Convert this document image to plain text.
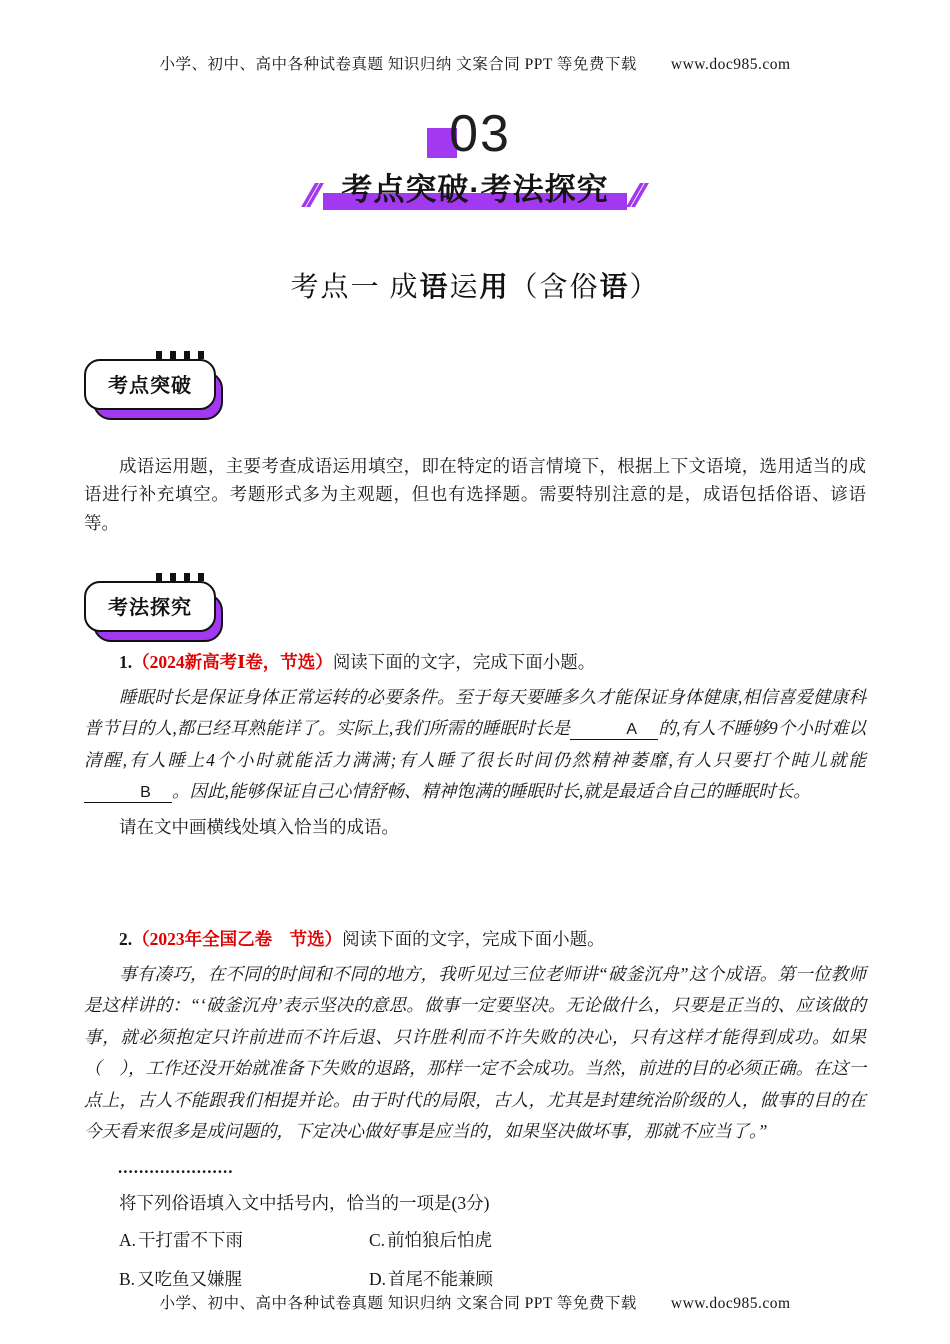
小学、初中、高中各种试卷真题 知识归纳 文案合同 PPT 等免费下载 www.doc985.com
03
考点突破·考法探究
考点一 成语运用（含俗语）
考点突破

成语运用题，主要考查成语运用填空，即在特定的语言情境下，根据上下文语境，选用适当的成语进行补充填空。考题形式多为主观题，但也有选择题。需要特别注意的是，成语包括俗语、谚语等。

考法探究

1.（2024新高考Ⅰ卷，节选）阅读下面的文字，完成下面小题。

睡眠时长是保证身体正常运转的必要条件。至于每天要睡多久才能保证身体健康,相信喜爱健康科普节目的人,都已经耳熟能详了。实际上,我们所需的睡眠时长是	A 的,有人不睡够9个小时难以清醒,有人睡上4个小时就能活力满满;有人睡了很长时间仍然精神萎靡,有人只要打个盹儿就能B 。因此,能够保证自己心情舒畅、精神饱满的睡眠时长,就是最适合自己的睡眠时长。

请在文中画横线处填入恰当的成语。

2.（2023年全国乙卷　节选）阅读下面的文字，完成下面小题。

事有凑巧，在不同的时间和不同的地方，我听见过三位老师讲“破釜沉舟”这个成语。第一位教师是这样讲的：“‘破釜沉舟’表示坚决的意思。做事一定要坚决。无论做什么，只要是正当的、应该做的事，就必须抱定只许前进而不许后退、只许胜利而不许失败的决心，只有这样才能得到成功。如果（　），工作还没开始就准备下失败的退路，那样一定不会成功。当然，前进的目的必须正确。在这一点上，古人不能跟我们相提并论。由于时代的局限，古人，尤其是封建统治阶级的人，做事的目的在今天看来很多是成问题的，下定决心做好事是应当的，如果坚决做坏事，那就不应当了。”

......................

将下列俗语填入文中括号内，恰当的一项是(3分)

A. 干打雷不下雨	C. 前怕狼后怕虎
B. 又吃鱼又嫌腥	D. 首尾不能兼顾
小学、初中、高中各种试卷真题 知识归纳 文案合同 PPT 等免费下载 www.doc985.com
